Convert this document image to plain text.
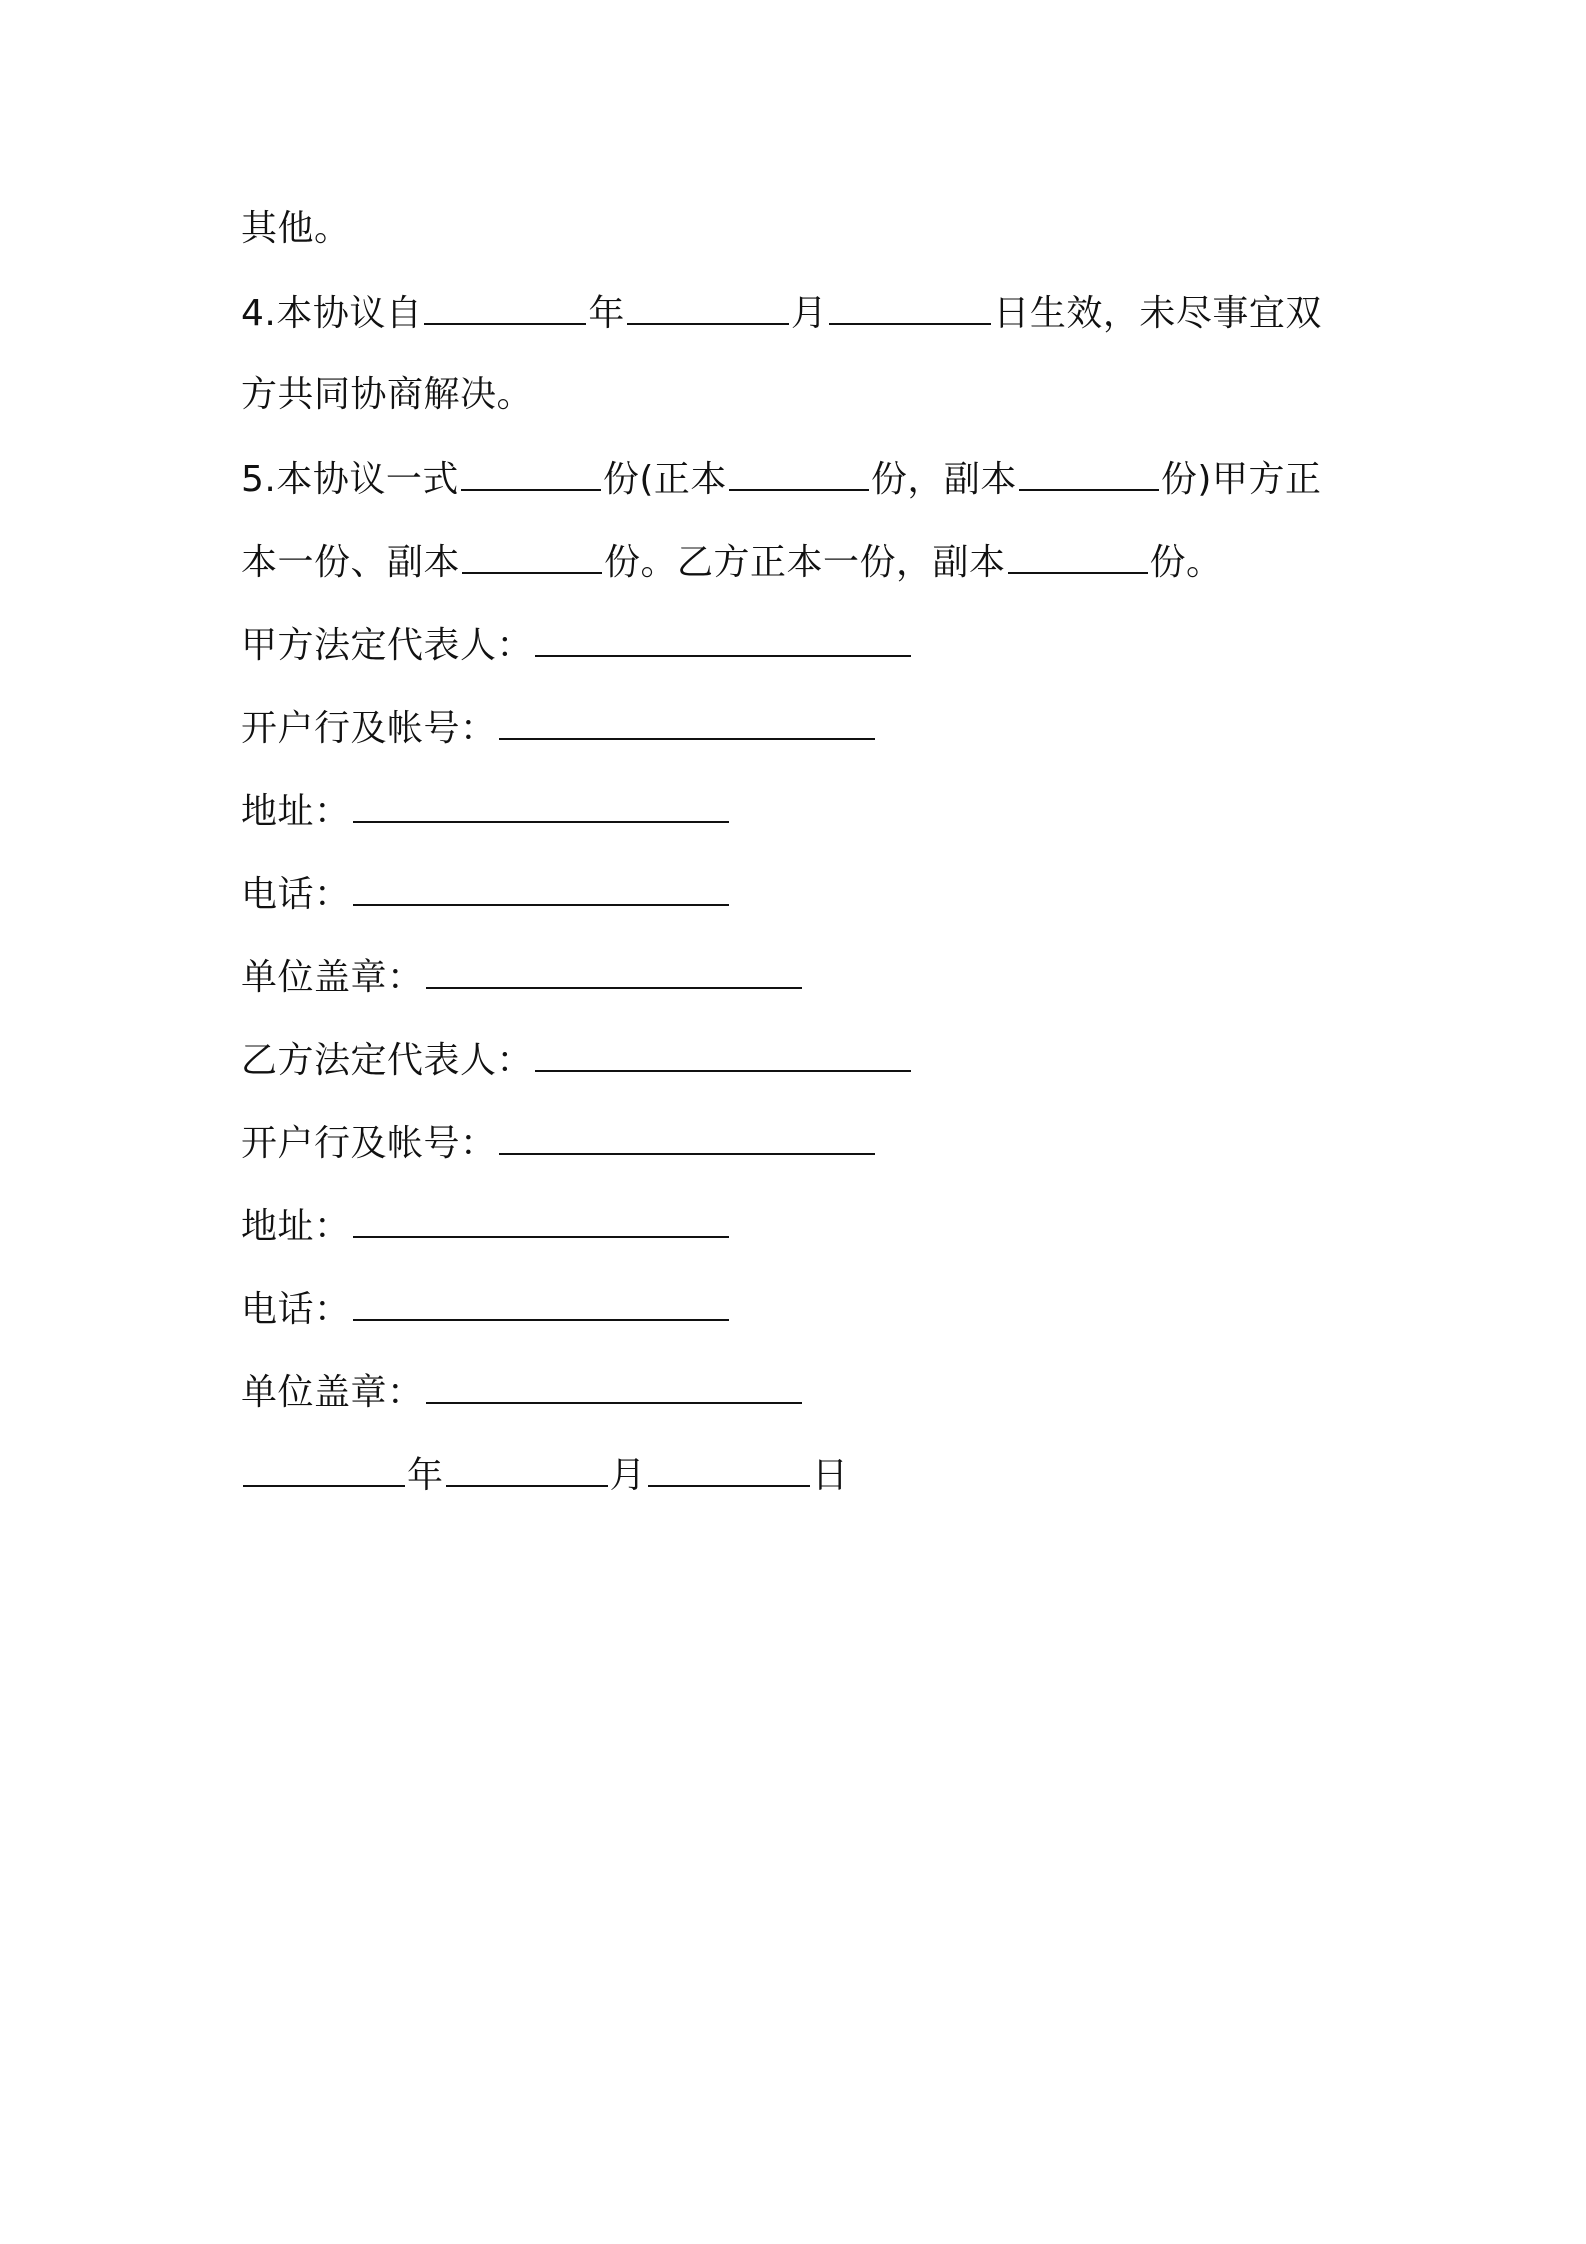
其他。
4.本协议自	年	月	日生效，未尽事宜双
方共同协商解决。
5.本协议一式	份(正本	份，副本	份)甲方正
本一份、副本	份。乙方正本一份，副本	份。
甲方法定代表人：
开户行及帐号：
地址：
电话：
单位盖章：
乙方法定代表人：
开户行及帐号：
地址：
电话：
单位盖章：
年	月	日
